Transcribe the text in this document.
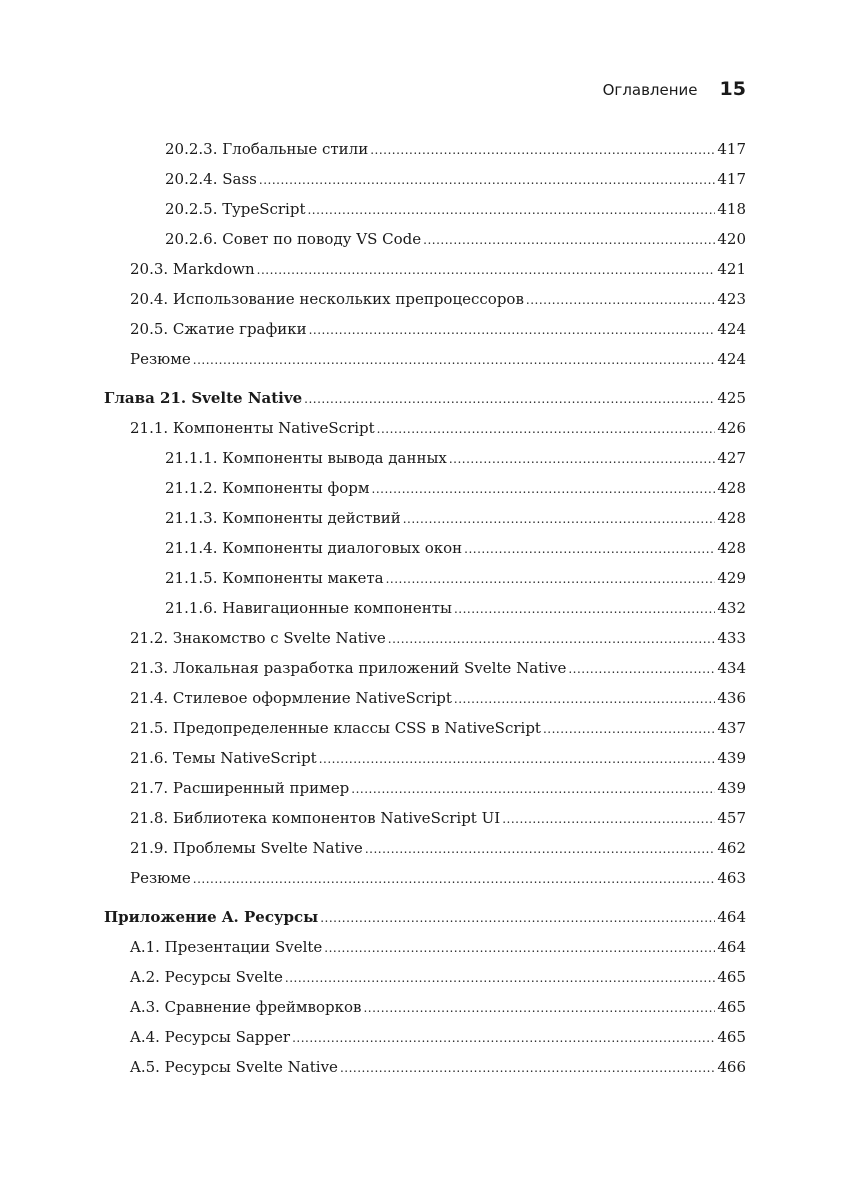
Оглавление 15
20.2.3. Глобальные стили .....	417
20.2.4. Sass .....	417
20.2.5. TypeScript .....	418
20.2.6. Совет по поводу VS Code .....	420
20.3. Markdown .....	421
20.4. Использование нескольких препроцессоров .....	423
20.5. Сжатие графики .....	424
Резюме .....	424
Глава 21. Svelte Native .....	425
21.1. Компоненты NativeScript .....	426
21.1.1. Компоненты вывода данных .....	427
21.1.2. Компоненты форм .....	428
21.1.3. Компоненты действий .....	428
21.1.4. Компоненты диалоговых окон .....	428
21.1.5. Компоненты макета .....	429
21.1.6. Навигационные компоненты .....	432
21.2. Знакомство с Svelte Native .....	433
21.3. Локальная разработка приложений Svelte Native .....	434
21.4. Стилевое оформление NativeScript .....	436
21.5. Предопределенные классы CSS в NativeScript .....	437
21.6. Темы NativeScript .....	439
21.7. Расширенный пример .....	439
21.8. Библиотека компонентов NativeScript UI .....	457
21.9. Проблемы Svelte Native .....	462
Резюме .....	463
Приложение A. Ресурсы .....	464
A.1. Презентации Svelte .....	464
A.2. Ресурсы Svelte .....	465
A.3. Сравнение фреймворков .....	465
A.4. Ресурсы Sapper .....	465
A.5. Ресурсы Svelte Native .....	466
